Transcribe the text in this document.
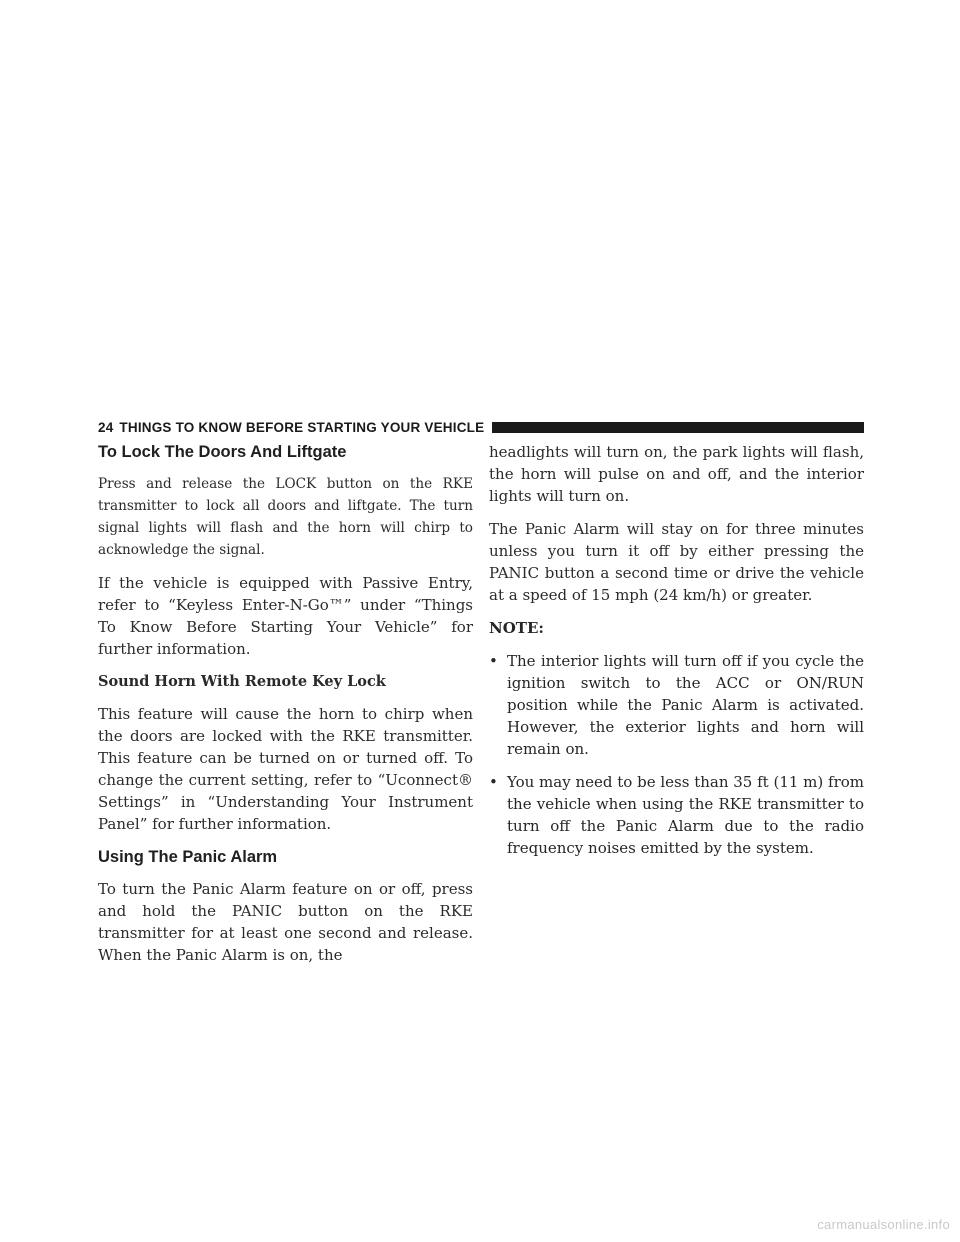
24 THINGS TO KNOW BEFORE STARTING YOUR VEHICLE
To Lock The Doors And Liftgate

Press and release the LOCK button on the RKE transmitter to lock all doors and liftgate. The turn signal lights will flash and the horn will chirp to acknowledge the signal.

If the vehicle is equipped with Passive Entry, refer to “Keyless Enter-N-Go™” under “Things To Know Before Starting Your Vehicle” for further information.

Sound Horn With Remote Key Lock

This feature will cause the horn to chirp when the doors are locked with the RKE transmitter. This feature can be turned on or turned off. To change the current setting, refer to “Uconnect® Settings” in “Understanding Your Instrument Panel” for further information.

Using The Panic Alarm

To turn the Panic Alarm feature on or off, press and hold the PANIC button on the RKE transmitter for at least one second and release. When the Panic Alarm is on, the

headlights will turn on, the park lights will flash, the horn will pulse on and off, and the interior lights will turn on.

The Panic Alarm will stay on for three minutes unless you turn it off by either pressing the PANIC button a second time or drive the vehicle at a speed of 15 mph (24 km/h) or greater.

NOTE:
• The interior lights will turn off if you cycle the ignition switch to the ACC or ON/RUN position while the Panic Alarm is activated. However, the exterior lights and horn will remain on.
• You may need to be less than 35 ft (11 m) from the vehicle when using the RKE transmitter to turn off the Panic Alarm due to the radio frequency noises emitted by the system.
carmanualsonline.info
